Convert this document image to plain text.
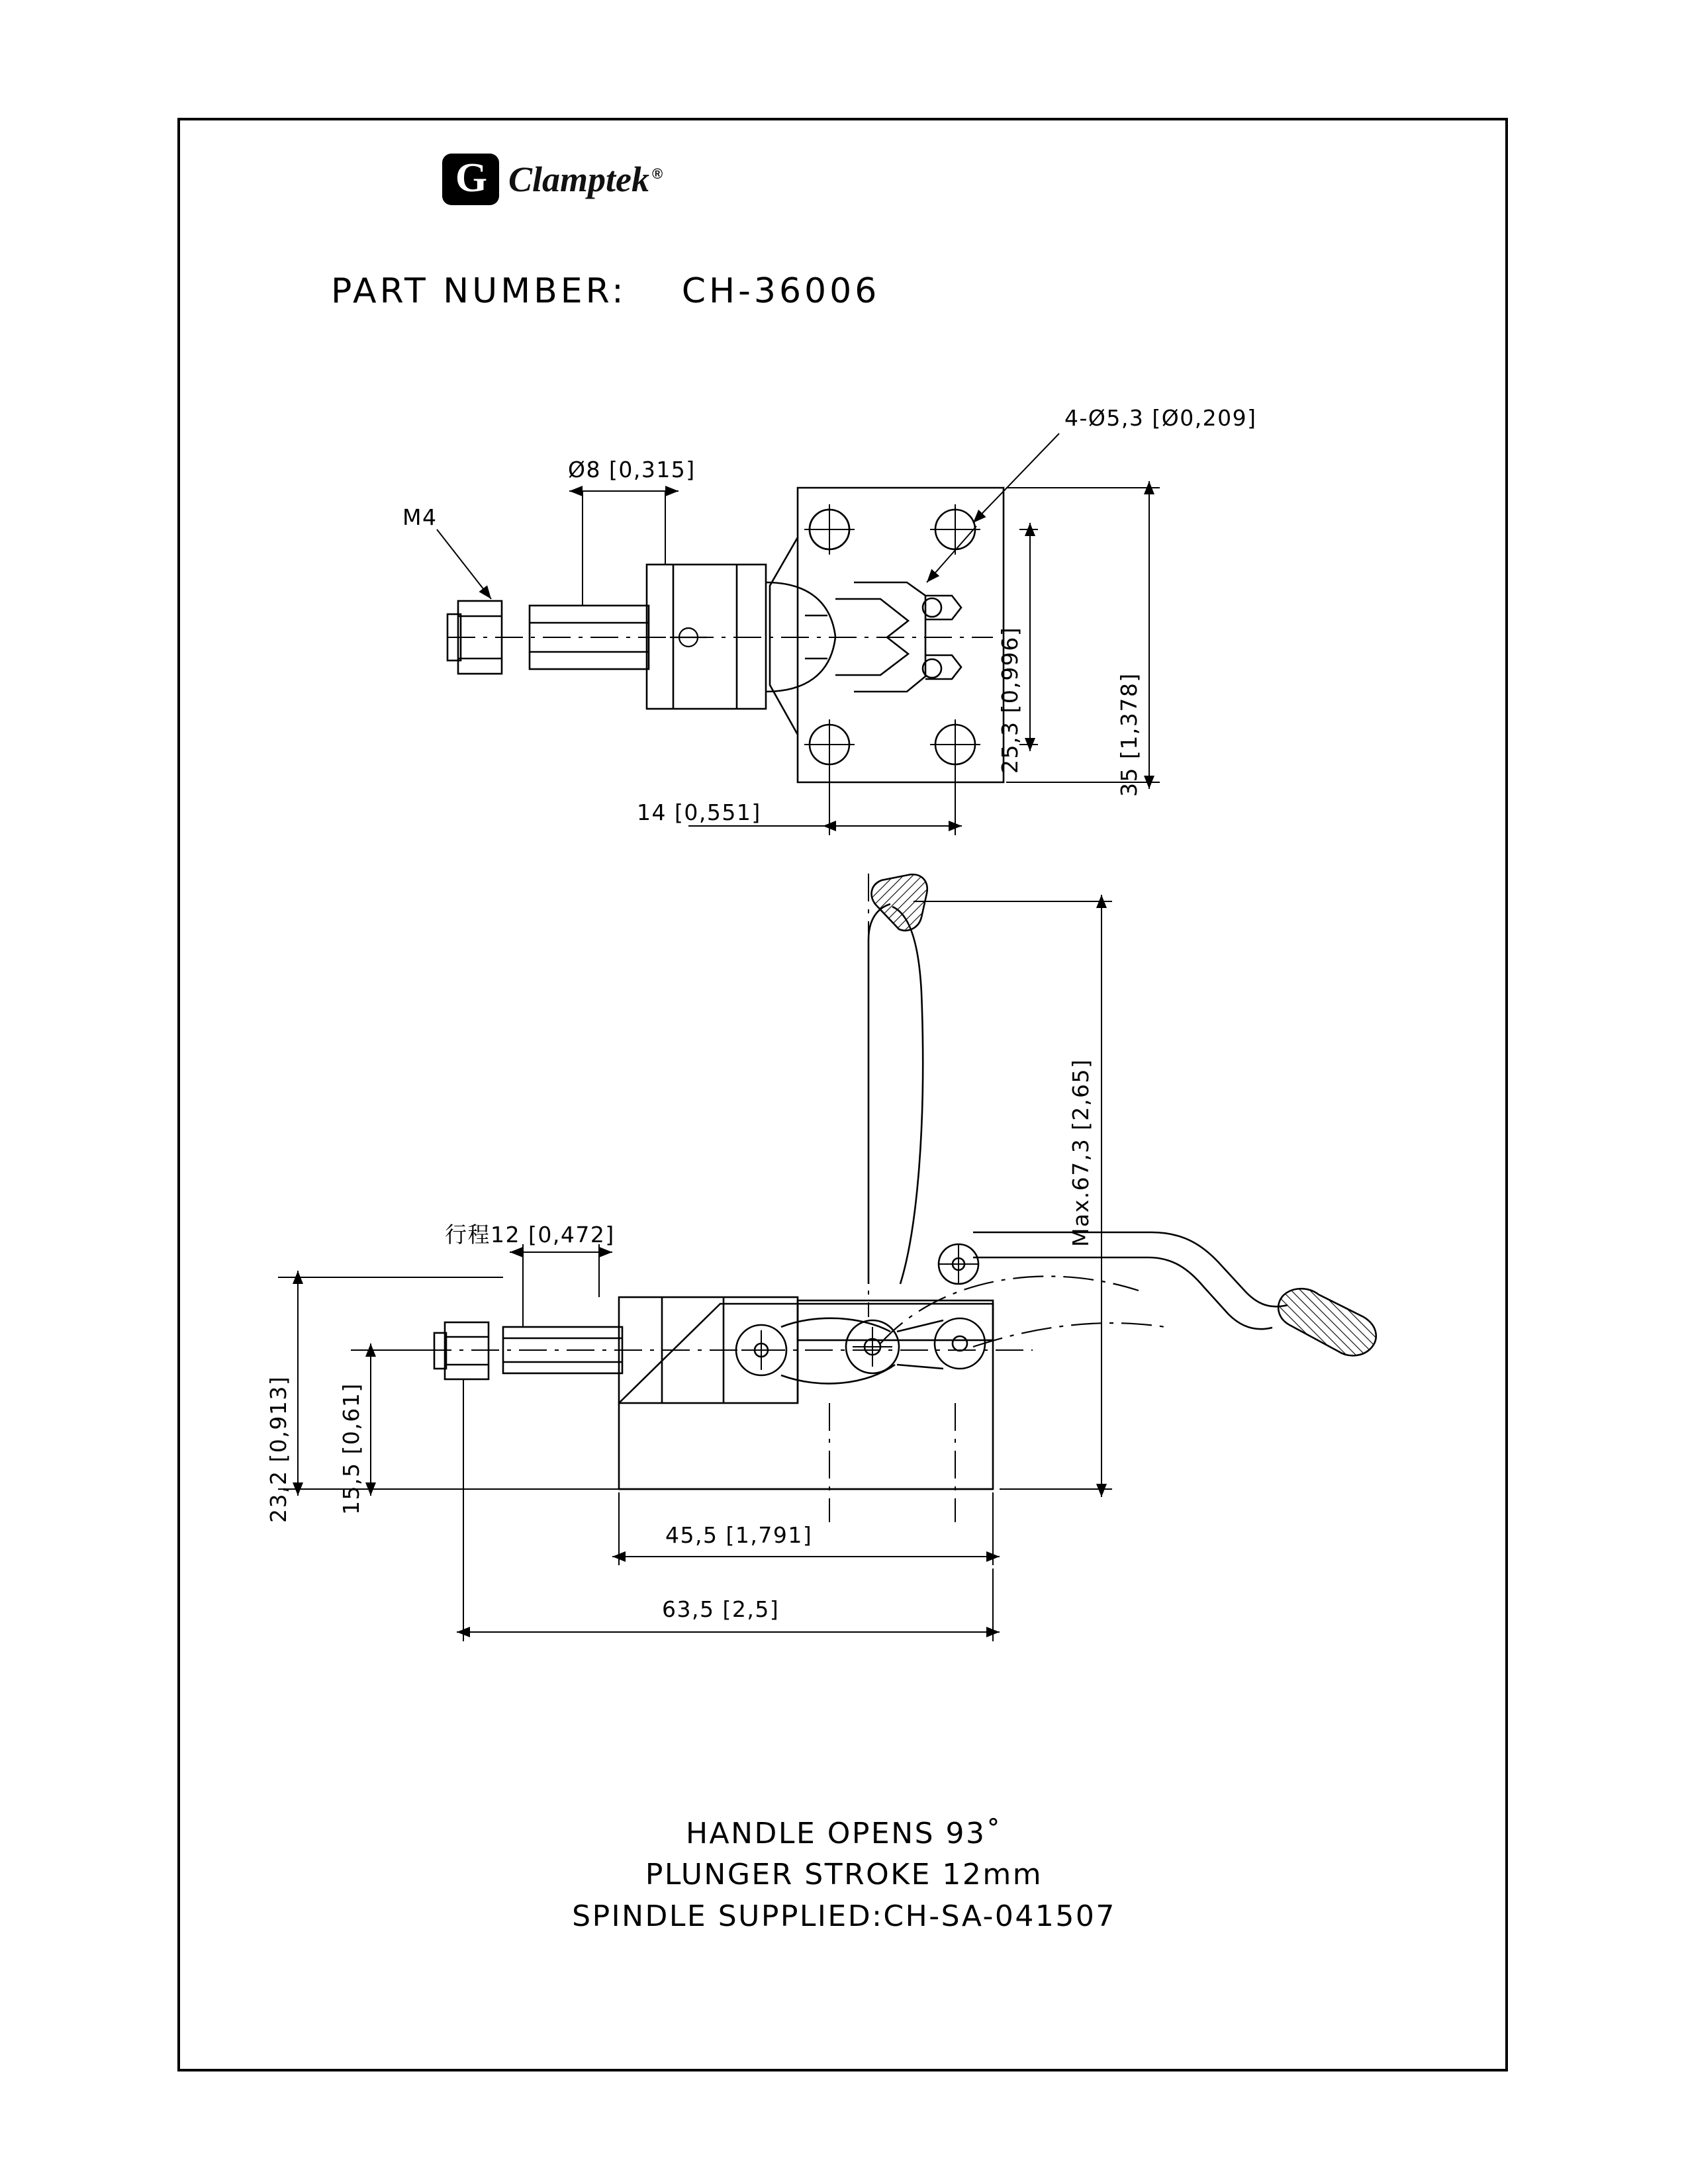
G Clamptek ®
PART NUMBER: CH-36006
M4
Ø8 [0,315]
4-Ø5,3 [Ø0,209]
25,3 [0,996]	35 [1,378]
14 [0,551]
行程12 [0,472]
23,2 [0,913] 15,5 [0,61]
Max.67,3 [2,65]
45,5 [1,791]
63,5 [2,5]
HANDLE OPENS 93˚
PLUNGER STROKE 12mm
SPINDLE SUPPLIED:CH-SA-041507
